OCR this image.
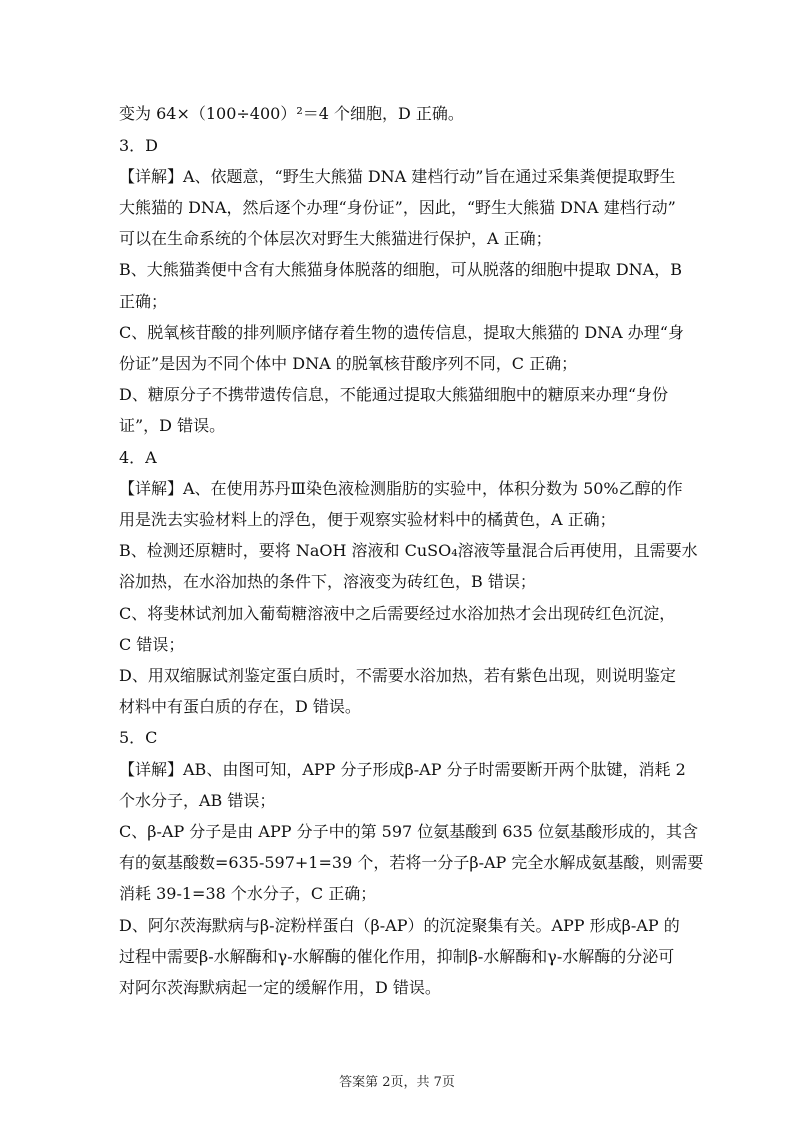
变为 64×（100÷400）²＝4 个细胞，D 正确。
3．D
【详解】A、依题意，“野生大熊猫 DNA 建档行动”旨在通过采集粪便提取野生
大熊猫的 DNA，然后逐个办理“身份证”，因此，“野生大熊猫 DNA 建档行动”
可以在生命系统的个体层次对野生大熊猫进行保护，A 正确；
B、大熊猫粪便中含有大熊猫身体脱落的细胞，可从脱落的细胞中提取 DNA，B
正确；
C、脱氧核苷酸的排列顺序储存着生物的遗传信息，提取大熊猫的 DNA 办理“身
份证”是因为不同个体中 DNA 的脱氧核苷酸序列不同，C 正确；
D、糖原分子不携带遗传信息，不能通过提取大熊猫细胞中的糖原来办理“身份
证”，D 错误。
4．A
【详解】A、在使用苏丹Ⅲ染色液检测脂肪的实验中，体积分数为 50%乙醇的作
用是洗去实验材料上的浮色，便于观察实验材料中的橘黄色，A 正确；
B、检测还原糖时，要将 NaOH 溶液和 CuSO₄溶液等量混合后再使用，且需要水
浴加热，在水浴加热的条件下，溶液变为砖红色，B 错误；
C、将斐林试剂加入葡萄糖溶液中之后需要经过水浴加热才会出现砖红色沉淀，
C 错误；
D、用双缩脲试剂鉴定蛋白质时，不需要水浴加热，若有紫色出现，则说明鉴定
材料中有蛋白质的存在，D 错误。
5．C
【详解】AB、由图可知，APP 分子形成β-AP 分子时需要断开两个肽键，消耗 2
个水分子，AB 错误；
C、β-AP 分子是由 APP 分子中的第 597 位氨基酸到 635 位氨基酸形成的，其含
有的氨基酸数=635-597+1=39 个，若将一分子β-AP 完全水解成氨基酸，则需要
消耗 39-1=38 个水分子，C 正确；
D、阿尔茨海默病与β-淀粉样蛋白（β-AP）的沉淀聚集有关。APP 形成β-AP 的
过程中需要β-水解酶和γ-水解酶的催化作用，抑制β-水解酶和γ-水解酶的分泌可
对阿尔茨海默病起一定的缓解作用，D 错误。
答案第 2页，共 7页
